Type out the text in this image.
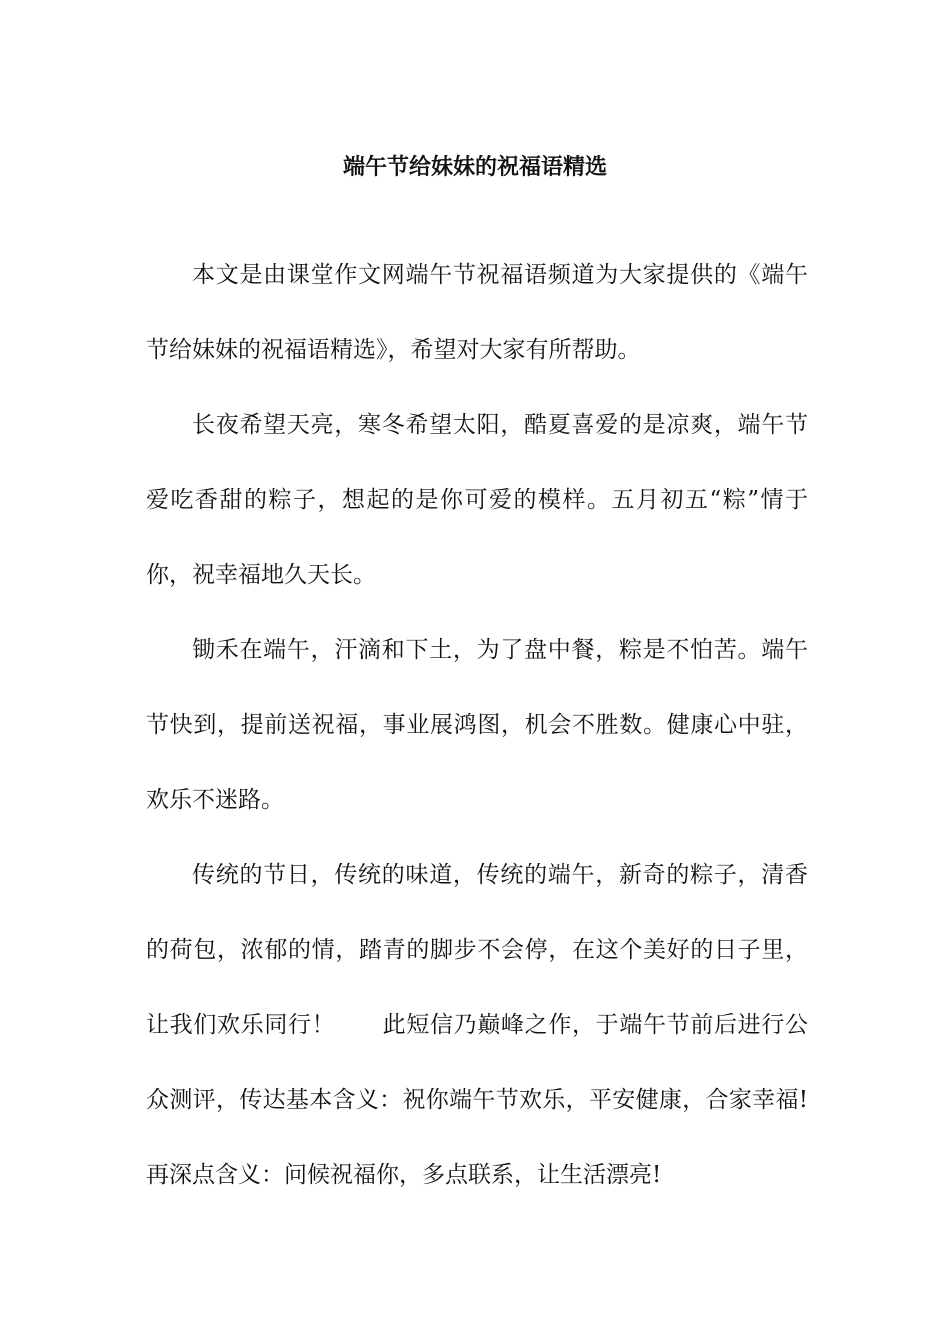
端午节给妹妹的祝福语精选

本文是由课堂作文网端午节祝福语频道为大家提供的《端午节给妹妹的祝福语精选》，希望对大家有所帮助。

长夜希望天亮，寒冬希望太阳，酷夏喜爱的是凉爽，端午节爱吃香甜的粽子，想起的是你可爱的模样。五月初五“粽”情于你，祝幸福地久天长。

锄禾在端午，汗滴和下土，为了盘中餐，粽是不怕苦。端午节快到，提前送祝福，事业展鸿图，机会不胜数。健康心中驻，欢乐不迷路。

传统的节日，传统的味道，传统的端午，新奇的粽子，清香的荷包，浓郁的情，踏青的脚步不会停，在这个美好的日子里，让我们欢乐同行！　　此短信乃巅峰之作，于端午节前后进行公众测评，传达基本含义：祝你端午节欢乐，平安健康，合家幸福!再深点含义：问候祝福你，多点联系，让生活漂亮!
